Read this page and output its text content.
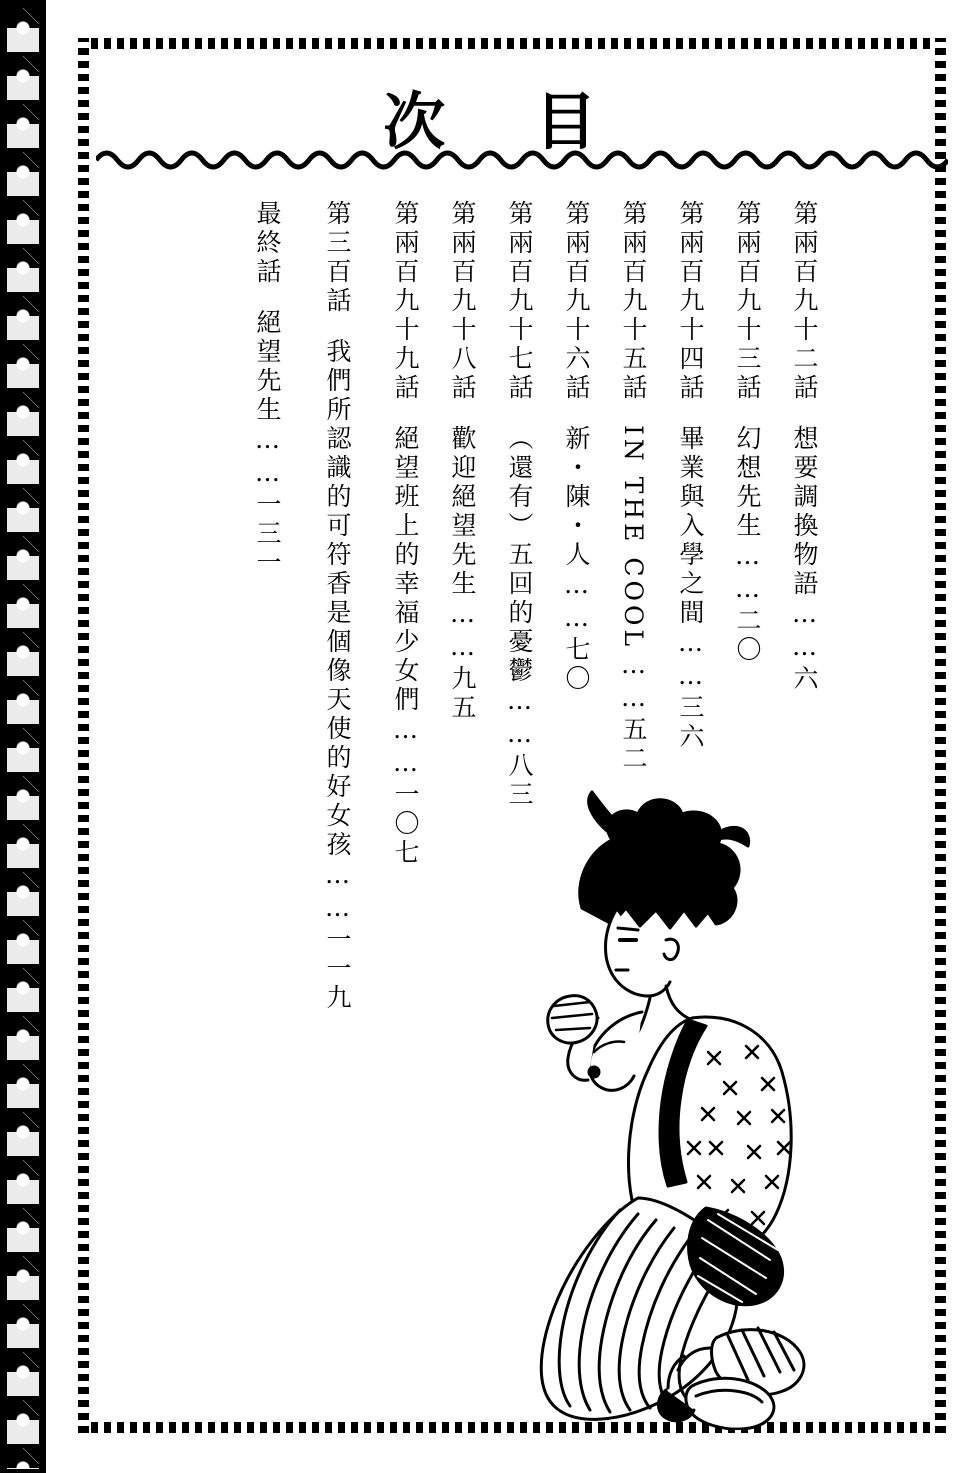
次 目
第兩百九十二話想要調換物語……六
第兩百九十三話幻想先生……二〇
第兩百九十四話畢業與入學之間……三六
第兩百九十五話IN THE COOL……五二
第兩百九十六話新・陳・人……七〇
第兩百九十七話（還有）五回的憂鬱……八三
第兩百九十八話歡迎絕望先生……九五
第兩百九十九話絕望班上的幸福少女們……一〇七
第三百話我們所認識的可符香是個像天使的好女孩……一一九
最終話絕望先生……一三一
